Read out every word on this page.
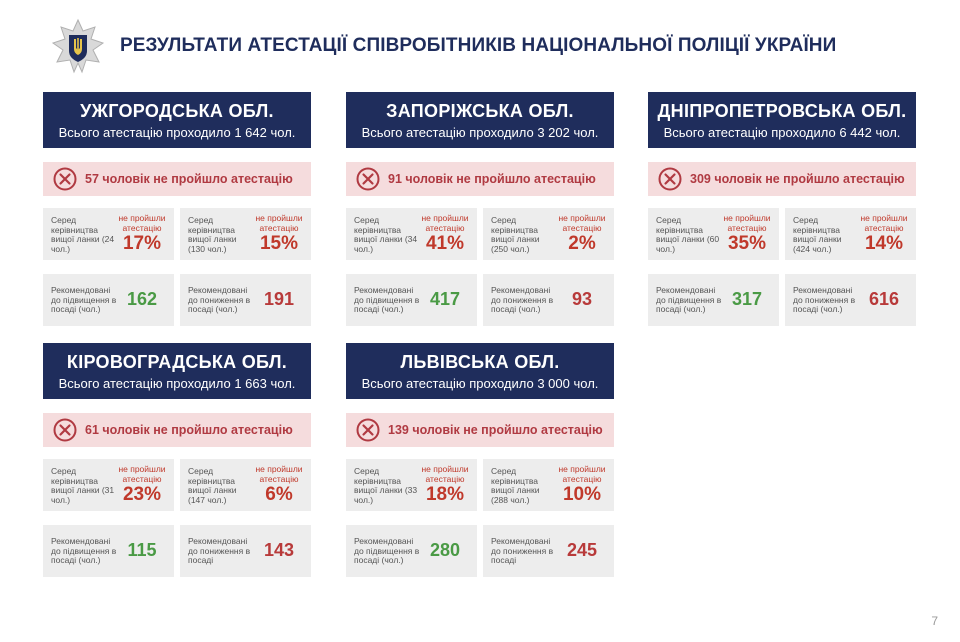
РЕЗУЛЬТАТИ АТЕСТАЦІЇ СПІВРОБІТНИКІВ НАЦІОНАЛЬНОЇ ПОЛІЦІЇ УКРАЇНИ
УЖГОРОДСЬКА ОБЛ.
Всього атестацію проходило 1 642 чол.
57 чоловік не пройшло атестацію
Серед керівництва вищої ланки (24 чол.)
не пройшли атестацію
17%
Серед керівництва вищої ланки (130 чол.)
не пройшли атестацію
15%
Рекомендовані до підвищення в посаді (чол.)	162	Рекомендовані до пониження в посаді (чол.)	191
ЗАПОРІЖСЬКА ОБЛ.
Всього атестацію проходило 3 202 чол.
91 чоловік не пройшло атестацію
Серед керівництва вищої ланки (34 чол.)
не пройшли атестацію
41%
Серед керівництва вищої ланки (250 чол.)
не пройшли атестацію
2%
Рекомендовані до підвищення в посаді (чол.)	417	Рекомендовані до пониження в посаді (чол.)	93
ДНІПРОПЕТРОВСЬКА ОБЛ.
Всього атестацію проходило 6 442 чол.
309 чоловік не пройшло атестацію
Серед керівництва вищої ланки (60 чол.)
не пройшли атестацію
35%
Серед керівництва вищої ланки (424 чол.)
не пройшли атестацію
14%
Рекомендовані до підвищення в посаді (чол.)	317	Рекомендовані до пониження в посаді (чол.)	616
КІРОВОГРАДСЬКА ОБЛ.
Всього атестацію проходило 1 663 чол.
61 чоловік не пройшло атестацію
Серед керівництва вищої ланки (31 чол.)
не пройшли атестацію
23%
Серед керівництва вищої ланки (147 чол.)
не пройшли атестацію
6%
Рекомендовані до підвищення в посаді (чол.)	115	Рекомендовані до пониження в посаді	143
ЛЬВІВСЬКА ОБЛ.
Всього атестацію проходило 3 000 чол.
139 чоловік не пройшло атестацію
Серед керівництва вищої ланки (33 чол.)
не пройшли атестацію
18%
Серед керівництва вищої ланки (288 чол.)
не пройшли атестацію
10%
Рекомендовані до підвищення в посаді (чол.)	280	Рекомендовані до пониження в посаді	245
7
